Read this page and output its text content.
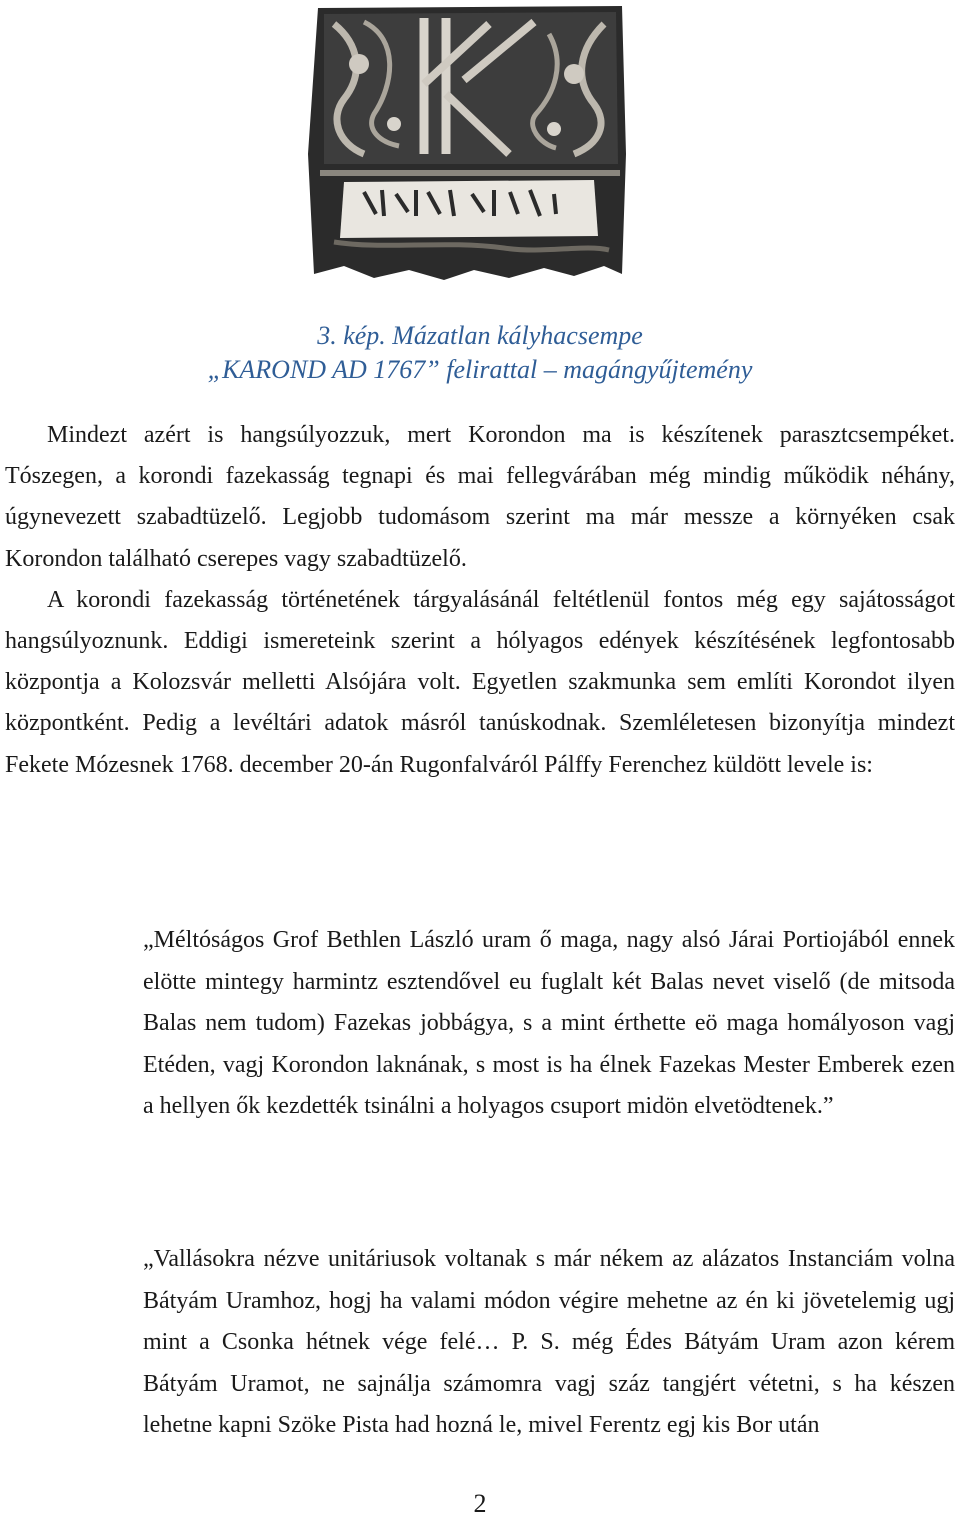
3. kép. Mázatlan kályhacsempe
„KAROND AD 1767” felirattal – magángyűjtemény

Mindezt azért is hangsúlyozzuk, mert Korondon ma is készítenek parasztcsempéket. Tószegen, a korondi fazekasság tegnapi és mai fellegvárában még mindig működik néhány, úgynevezett szabadtüzelő. Legjobb tudomásom szerint ma már messze a környéken csak Korondon található cserepes vagy szabadtüzelő.

A korondi fazekasság történetének tárgyalásánál feltétlenül fontos még egy sajátosságot hangsúlyoznunk. Eddigi ismereteink szerint a hólyagos edények készítésének legfontosabb központja a Kolozsvár melletti Alsójára volt. Egyetlen szakmunka sem említi Korondot ilyen központként. Pedig a levéltári adatok másról tanúskodnak. Szemléletesen bizonyítja mindezt Fekete Mózesnek 1768. december 20-án Rugonfalváról Pálffy Ferenchez küldött levele is:

„Méltóságos Grof Bethlen László uram ő maga, nagy alsó Járai Portiojából ennek elötte mintegy harmintz esztendővel eu fuglalt két Balas nevet viselő (de mitsoda Balas nem tudom) Fazekas jobbágya, s a mint érthette eö maga homályoson vagj Etéden, vagj Korondon laknának, s most is ha élnek Fazekas Mester Emberek ezen a hellyen ők kezdették tsinálni a holyagos csuport midön elvetödtenek.”

„Vallásokra nézve unitáriusok voltanak s már nékem az alázatos Instanciám volna Bátyám Uramhoz, hogj ha valami módon végire mehetne az én ki jövetelemig ugj mint a Csonka hétnek vége felé… P. S. még Édes Bátyám Uram azon kérem Bátyám Uramot, ne sajnálja számomra vagj száz tangjért vétetni, s ha készen lehetne kapni Szöke Pista had hozná le, mivel Ferentz egj kis Bor után

2
